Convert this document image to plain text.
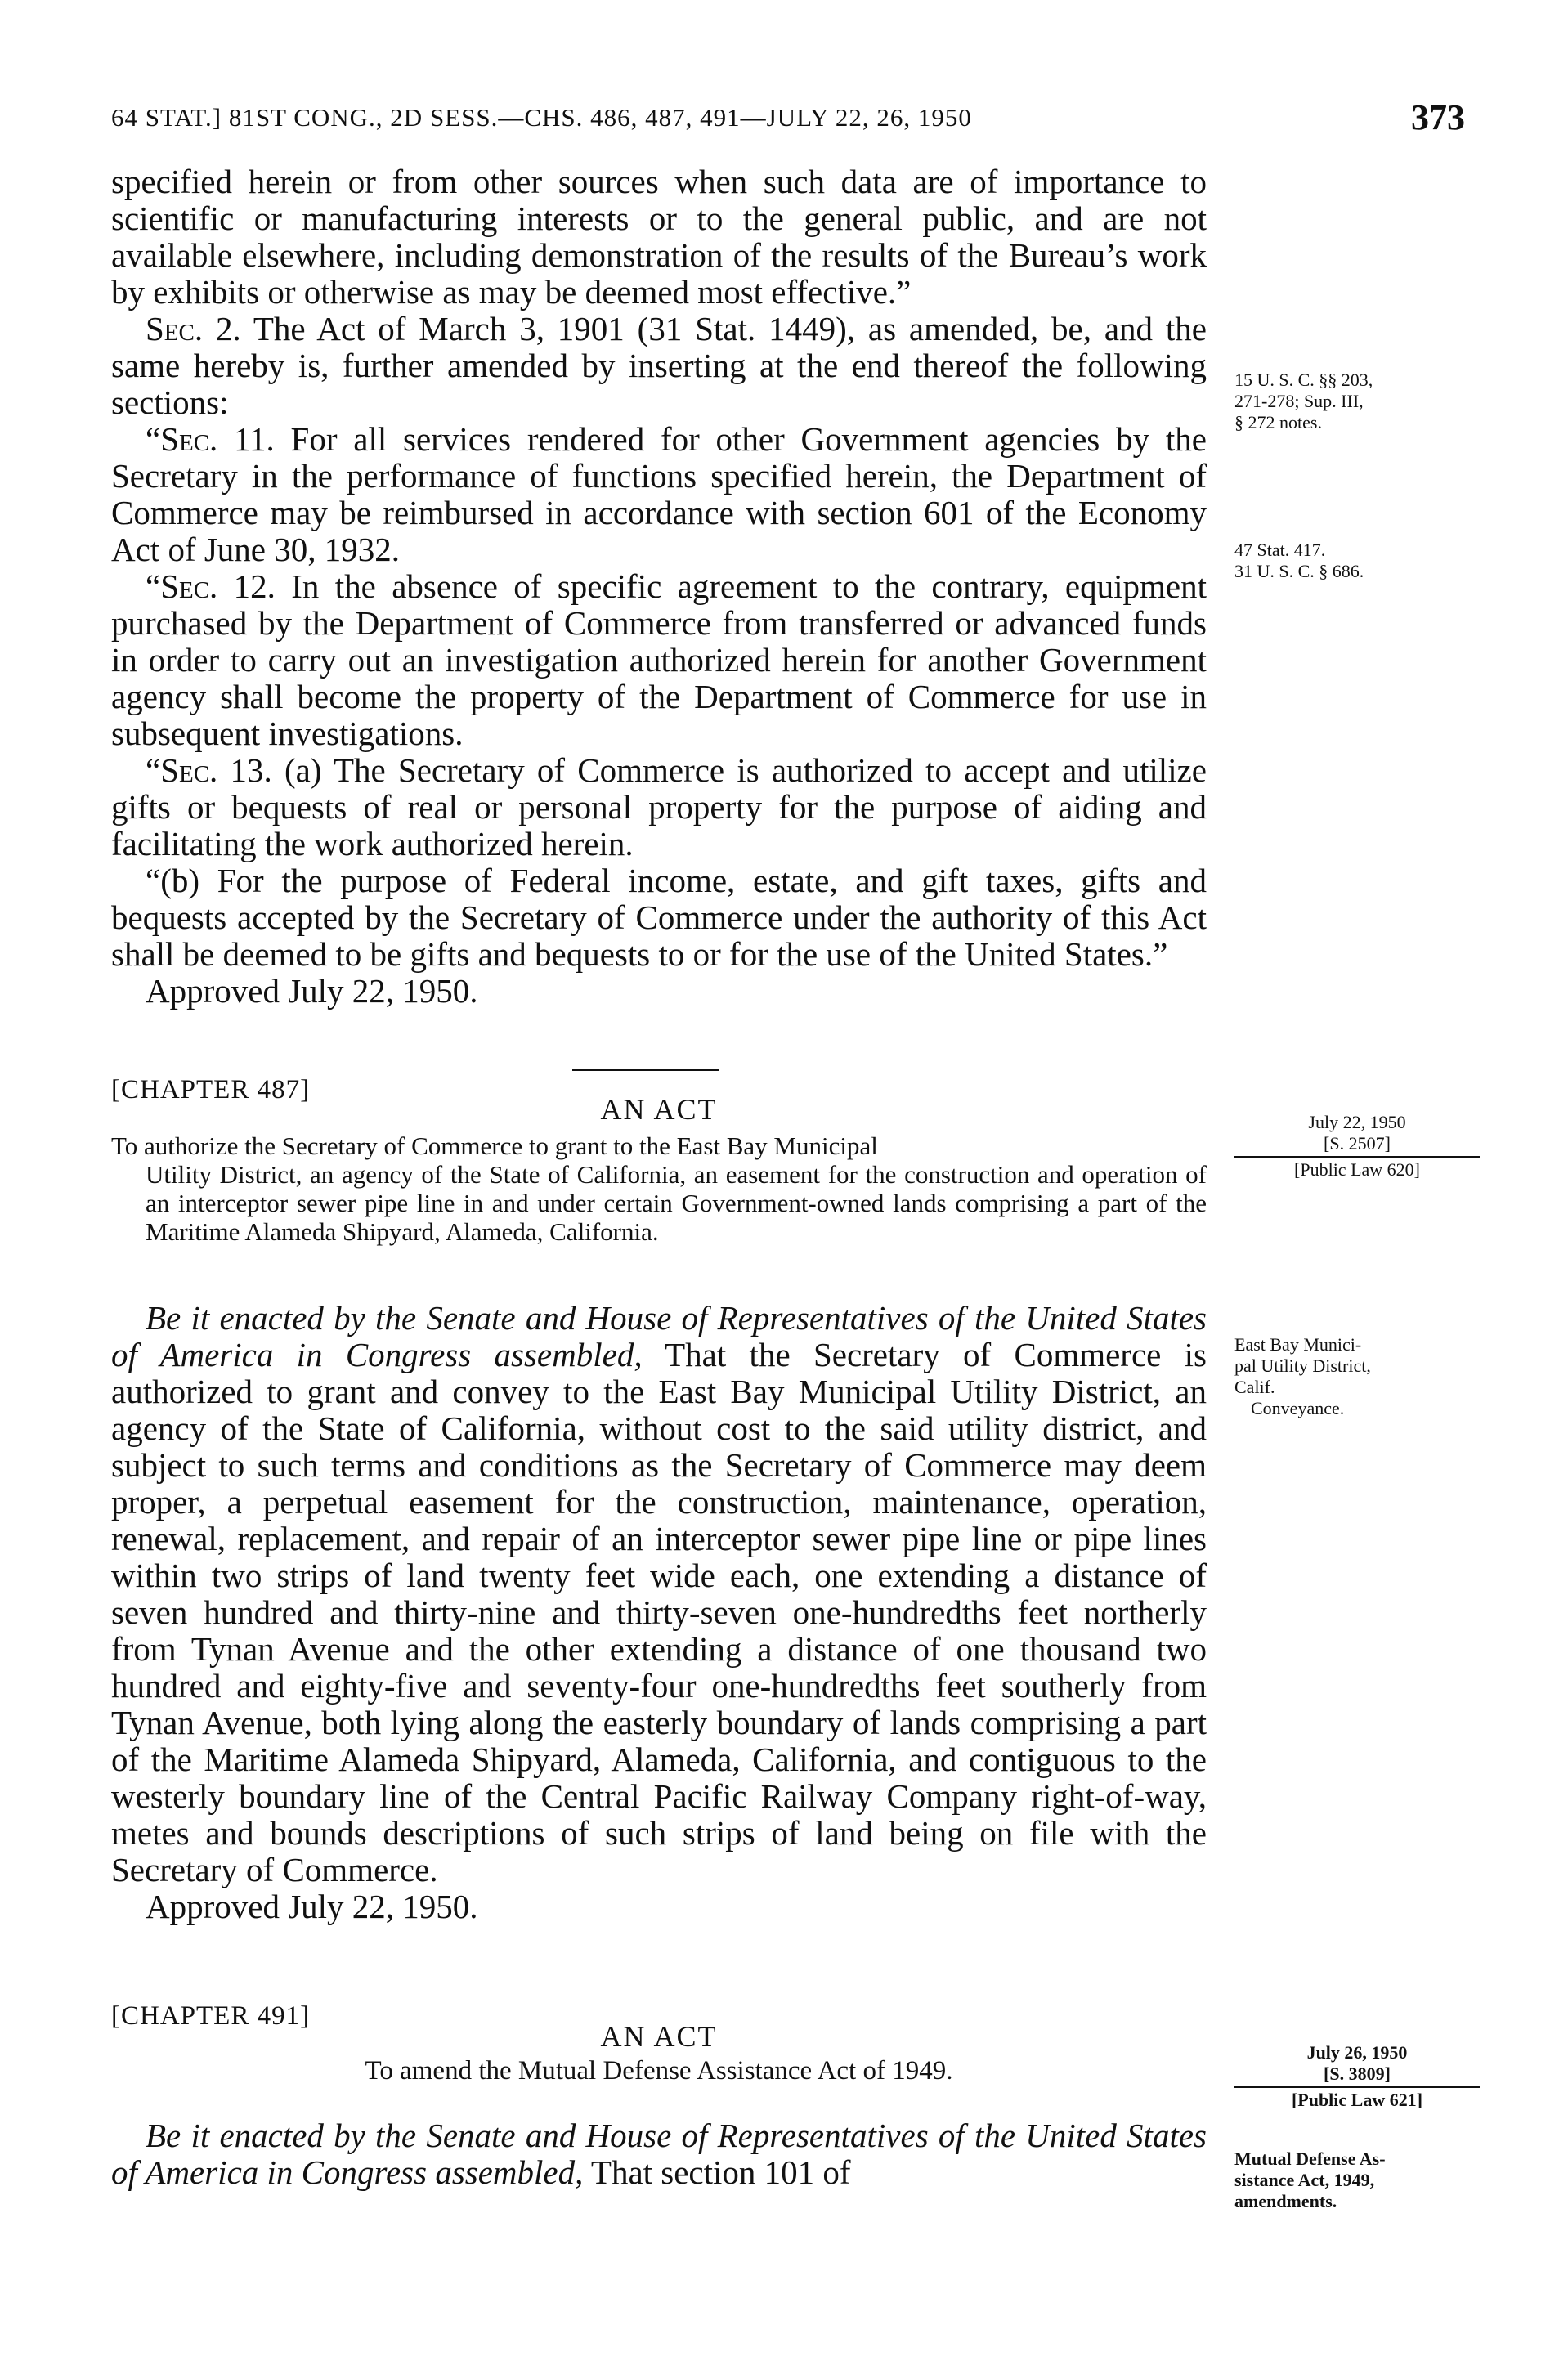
64 STAT.] 81ST CONG., 2D SESS.—CHS. 486, 487, 491—JULY 22, 26, 1950	373

specified herein or from other sources when such data are of importance to scientific or manufacturing interests or to the general public, and are not available elsewhere, including demonstration of the results of the Bureau’s work by exhibits or otherwise as may be deemed most effective.”

Sec. 2. The Act of March 3, 1901 (31 Stat. 1449), as amended, be, and the same hereby is, further amended by inserting at the end thereof the following sections:

“Sec. 11. For all services rendered for other Government agencies by the Secretary in the performance of functions specified herein, the Department of Commerce may be reimbursed in accordance with section 601 of the Economy Act of June 30, 1932.

“Sec. 12. In the absence of specific agreement to the contrary, equipment purchased by the Department of Commerce from transferred or advanced funds in order to carry out an investigation authorized herein for another Government agency shall become the property of the Department of Commerce for use in subsequent investigations.

“Sec. 13. (a) The Secretary of Commerce is authorized to accept and utilize gifts or bequests of real or personal property for the purpose of aiding and facilitating the work authorized herein.

“(b) For the purpose of Federal income, estate, and gift taxes, gifts and bequests accepted by the Secretary of Commerce under the authority of this Act shall be deemed to be gifts and bequests to or for the use of the United States.”

Approved July 22, 1950.

15 U. S. C. §§ 203,
271-278; Sup. III,
§ 272 notes.
47 Stat. 417.
31 U. S. C. § 686.
[CHAPTER 487]
AN ACT
To authorize the Secretary of Commerce to grant to the East Bay Municipal
Utility District, an agency of the State of California, an easement for the construction and operation of an interceptor sewer pipe line in and under certain Government-owned lands comprising a part of the Maritime Alameda Shipyard, Alameda, California.
July 22, 1950
[S. 2507]
[Public Law 620]

Be it enacted by the Senate and House of Representatives of the United States of America in Congress assembled, That the Secretary of Commerce is authorized to grant and convey to the East Bay Municipal Utility District, an agency of the State of California, without cost to the said utility district, and subject to such terms and conditions as the Secretary of Commerce may deem proper, a perpetual easement for the construction, maintenance, operation, renewal, replacement, and repair of an interceptor sewer pipe line or pipe lines within two strips of land twenty feet wide each, one extending a distance of seven hundred and thirty-nine and thirty-seven one-hundredths feet northerly from Tynan Avenue and the other extending a distance of one thousand two hundred and eighty-five and seventy-four one-hundredths feet southerly from Tynan Avenue, both lying along the easterly boundary of lands comprising a part of the Maritime Alameda Shipyard, Alameda, California, and contiguous to the westerly boundary line of the Central Pacific Railway Company right-of-way, metes and bounds descriptions of such strips of land being on file with the Secretary of Commerce.

Approved July 22, 1950.

East Bay Munici-
pal Utility District,
Calif.
Conveyance.
[CHAPTER 491]
AN ACT
To amend the Mutual Defense Assistance Act of 1949.
July 26, 1950
[S. 3809]
[Public Law 621]

Be it enacted by the Senate and House of Representatives of the United States of America in Congress assembled, That section 101 of	Mutual Defense As-
sistance Act, 1949,
amendments.
